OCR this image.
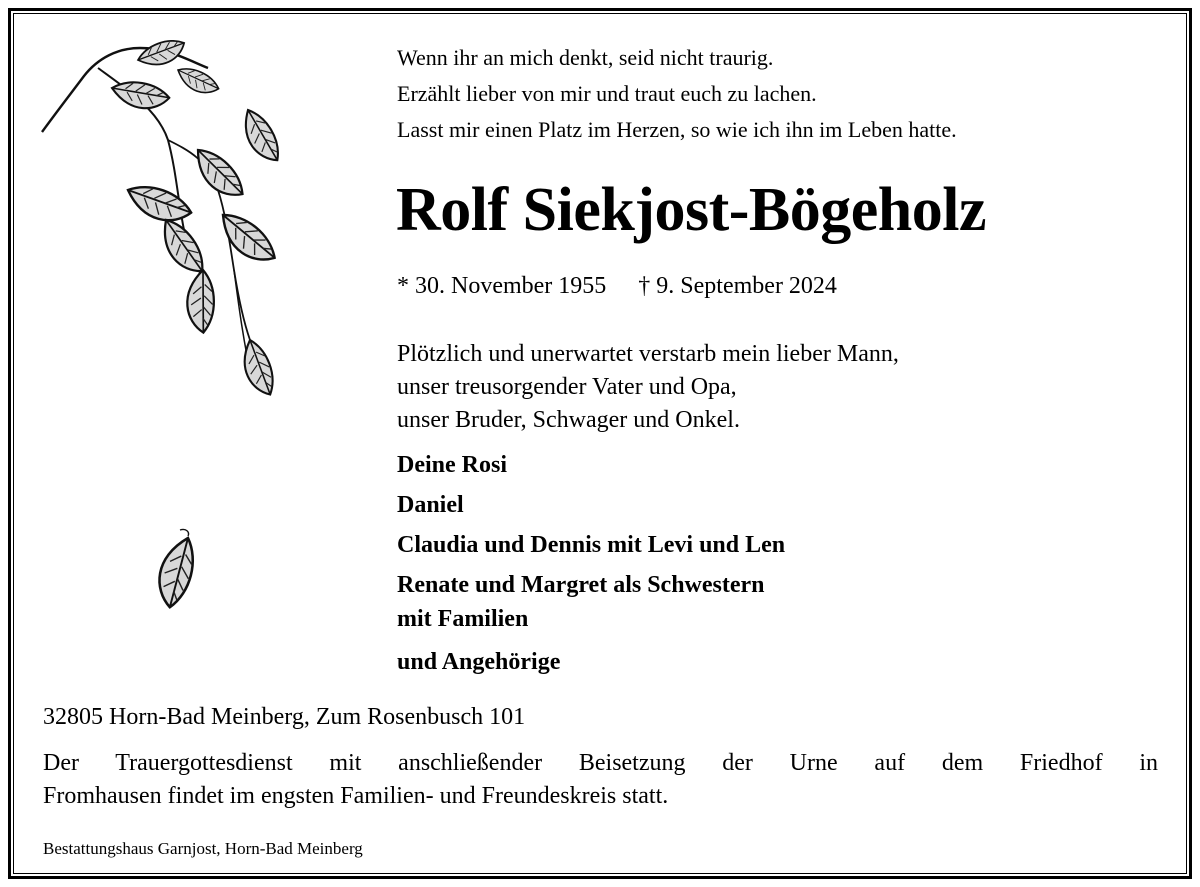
Wenn ihr an mich denkt, seid nicht traurig.
Erzählt lieber von mir und traut euch zu lachen.
Lasst mir einen Platz im Herzen, so wie ich ihn im Leben hatte.
Rolf Siekjost-Bögeholz
* 30. November 1955 † 9. September 2024
Plötzlich und unerwartet verstarb mein lieber Mann,
unser treusorgender Vater und Opa,
unser Bruder, Schwager und Onkel.
Deine Rosi
Daniel
Claudia und Dennis mit Levi und Len
Renate und Margret als Schwestern
mit Familien
und Angehörige
32805 Horn-Bad Meinberg, Zum Rosenbusch 101
Der Trauergottesdienst mit anschließender Beisetzung der Urne auf dem Friedhof in
Fromhausen findet im engsten Familien- und Freundeskreis statt.
Bestattungshaus Garnjost, Horn-Bad Meinberg
